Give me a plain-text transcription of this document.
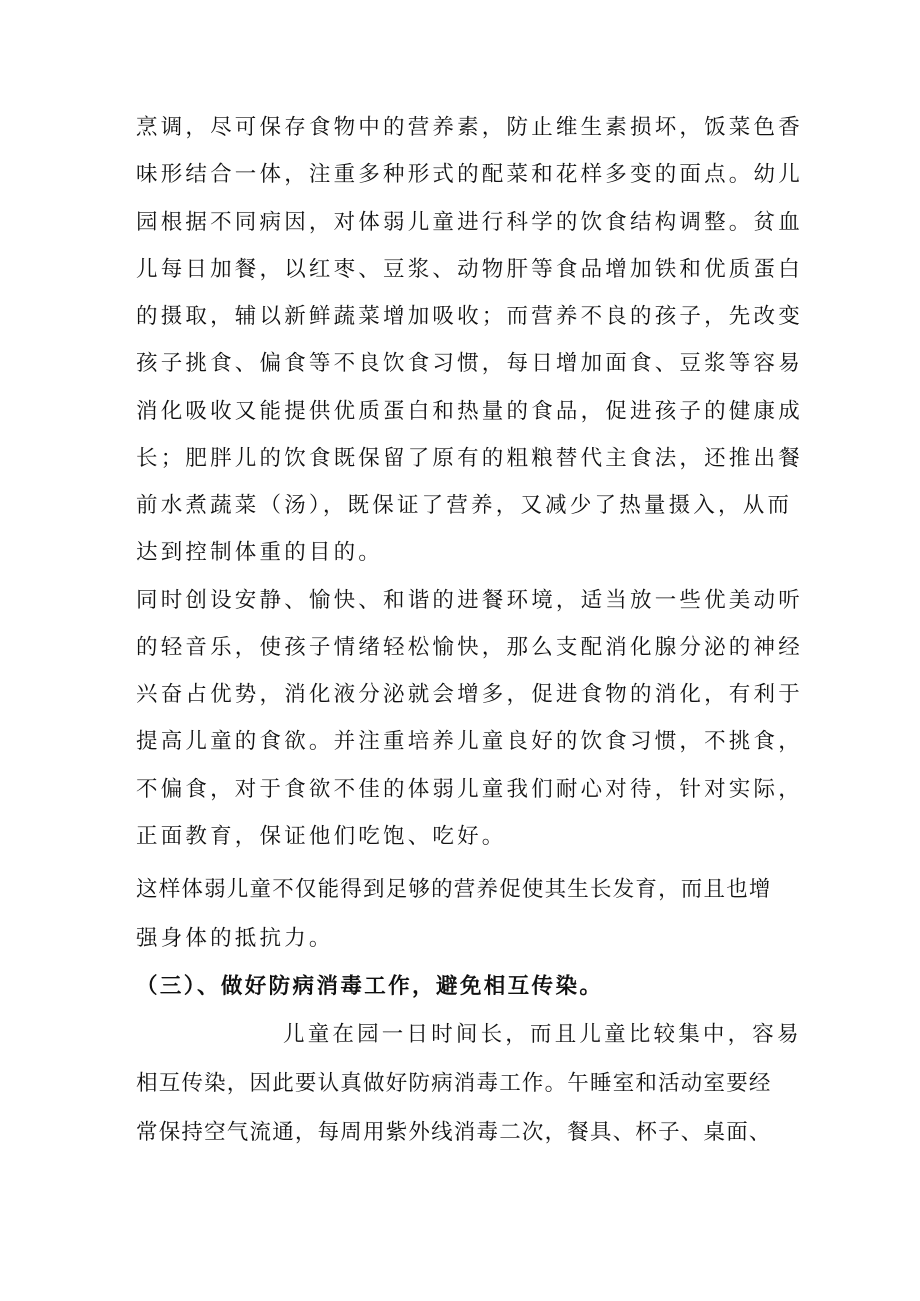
烹调，尽可保存食物中的营养素，防止维生素损坏，饭菜色香
味形结合一体，注重多种形式的配菜和花样多变的面点。幼儿
园根据不同病因，对体弱儿童进行科学的饮食结构调整。贫血
儿每日加餐，以红枣、豆浆、动物肝等食品增加铁和优质蛋白
的摄取，辅以新鲜蔬菜增加吸收；而营养不良的孩子，先改变
孩子挑食、偏食等不良饮食习惯，每日增加面食、豆浆等容易
消化吸收又能提供优质蛋白和热量的食品，促进孩子的健康成
长；肥胖儿的饮食既保留了原有的粗粮替代主食法，还推出餐
前水煮蔬菜（汤），既保证了营养，又减少了热量摄入，从而
达到控制体重的目的。
同时创设安静、愉快、和谐的进餐环境，适当放一些优美动听
的轻音乐，使孩子情绪轻松愉快，那么支配消化腺分泌的神经
兴奋占优势，消化液分泌就会增多，促进食物的消化，有利于
提高儿童的食欲。并注重培养儿童良好的饮食习惯，不挑食，
不偏食，对于食欲不佳的体弱儿童我们耐心对待，针对实际，
正面教育，保证他们吃饱、吃好。
这样体弱儿童不仅能得到足够的营养促使其生长发育，而且也增
强身体的抵抗力。
（三）、做好防病消毒工作，避免相互传染。
儿童在园一日时间长，而且儿童比较集中，容易
相互传染，因此要认真做好防病消毒工作。午睡室和活动室要经
常保持空气流通，每周用紫外线消毒二次，餐具、杯子、桌面、
